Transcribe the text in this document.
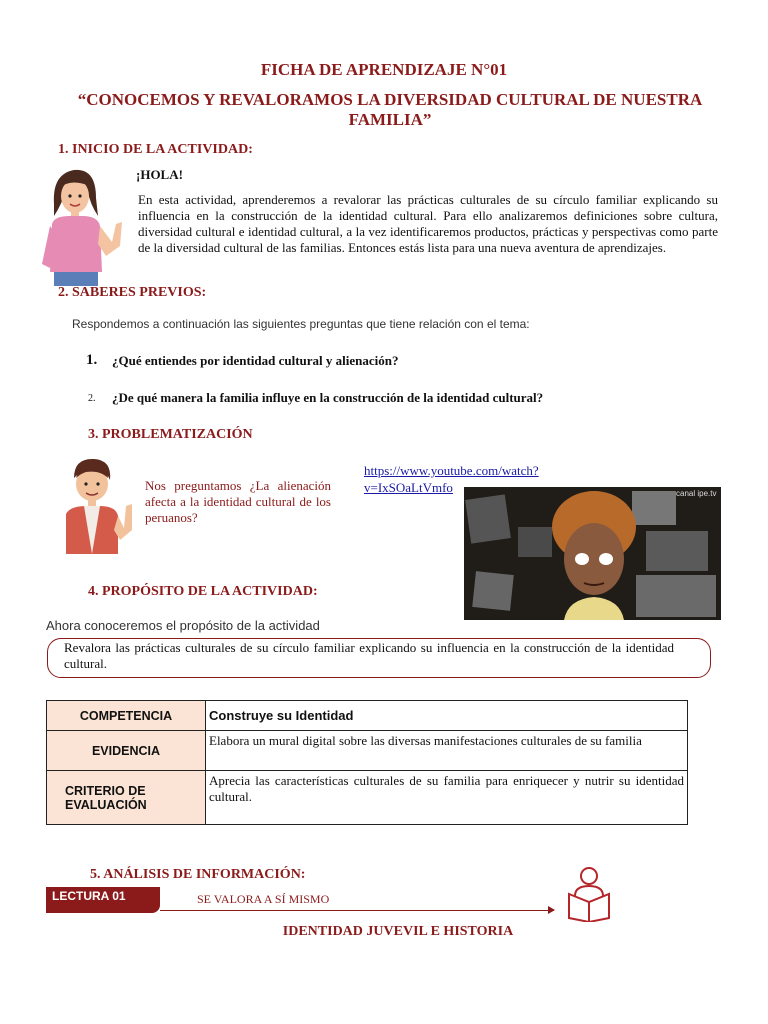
FICHA DE APRENDIZAJE N°01
“CONOCEMOS Y REVALORAMOS LA DIVERSIDAD CULTURAL DE NUESTRA
FAMILIA”
1. INICIO DE LA ACTIVIDAD:
¡HOLA!
En esta actividad, aprenderemos a revalorar las prácticas culturales de su círculo familiar explicando su influencia en la construcción de la identidad cultural. Para ello analizaremos definiciones sobre cultura, diversidad cultural e identidad cultural, a la vez identificaremos productos, prácticas y perspectivas como parte de la diversidad cultural de las familias. Entonces estás lista para una nueva aventura de aprendizajes.
2. SABERES PREVIOS:
Respondemos a continuación las siguientes preguntas que tiene relación con el tema:
1. ¿Qué entiendes por identidad cultural y alienación?
2. ¿De qué manera la familia influye en la construcción de la identidad cultural?
3. PROBLEMATIZACIÓN
Nos preguntamos ¿La alienación afecta a la identidad cultural de los peruanos?
https://www.youtube.com/watch?
v=IxSOaLtVmfo	canal ipe.tv
4. PROPÓSITO DE LA ACTIVIDAD:
Ahora conoceremos el propósito de la actividad
Revalora las prácticas culturales de su círculo familiar explicando su influencia en la construcción de la identidad cultural.
COMPETENCIA	Construye su Identidad
EVIDENCIA	Elabora un mural digital sobre las diversas manifestaciones culturales de su familia
CRITERIO DE EVALUACIÓN	Aprecia las características culturales de su familia para enriquecer y nutrir su identidad cultural.
5. ANÁLISIS DE INFORMACIÓN:
LECTURA 01	SE VALORA A SÍ MISMO
IDENTIDAD JUVEVIL E HISTORIA
